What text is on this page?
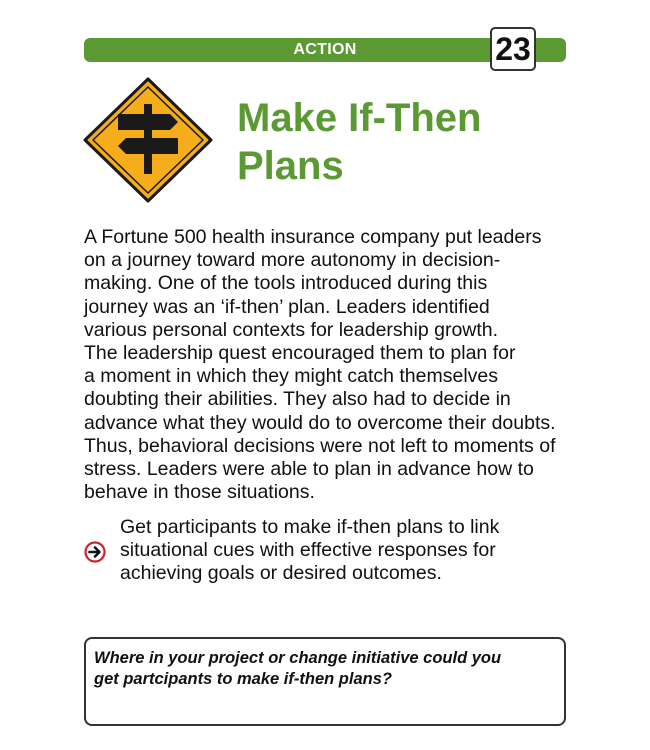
ACTION	23
Make If-Then
Plans

A Fortune 500 health insurance company put leaders
on a journey toward more autonomy in decision-
making. One of the tools introduced during this
journey was an ‘if-then’ plan. Leaders identified
various personal contexts for leadership growth.
The leadership quest encouraged them to plan for
a moment in which they might catch themselves
doubting their abilities. They also had to decide in
advance what they would do to overcome their doubts.
Thus, behavioral decisions were not left to moments of
stress. Leaders were able to plan in advance how to
behave in those situations.

Get participants to make if-then plans to link
situational cues with effective responses for
achieving goals or desired outcomes.

Where in your project or change initiative could you
get partcipants to make if-then plans?
